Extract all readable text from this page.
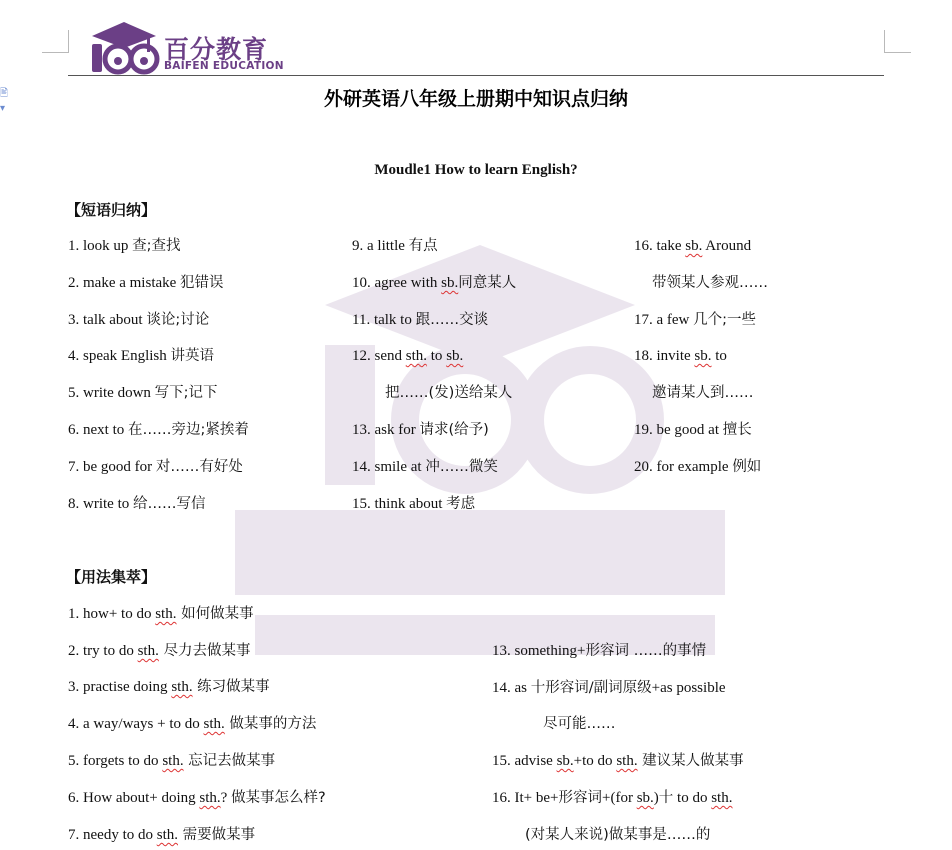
🖹 ▾
百分教育
BAIFEN EDUCATION
外研英语八年级上册期中知识点归纳
Moudle1 How to learn English?
【短语归纳】
1. look up 查;查找
2. make a mistake 犯错误
3. talk about 谈论;讨论
4. speak English 讲英语
5. write down 写下;记下
6. next to 在……旁边;紧挨着
7. be good for 对……有好处
8. write to 给……写信
9. a little 有点
10. agree with sb.同意某人
11. talk to 跟……交谈
12. send sth. to sb.
把……(发)送给某人
13. ask for 请求(给予)
14. smile at 冲……微笑
15. think about 考虑
16. take sb. Around
带领某人参观……
17. a few 几个;一些
18. invite sb. to
邀请某人到……
19. be good at 擅长
20. for example 例如
【用法集萃】
1. how+ to do sth. 如何做某事
2. try to do sth. 尽力去做某事
3. practise doing sth. 练习做某事
4. a way/ways + to do sth. 做某事的方法
5. forgets to do sth. 忘记去做某事
6. How about+ doing sth.? 做某事怎么样?
7. needy to do sth. 需要做某事
13. something+形容词 ……的事情
14. as 十形容词/副词原级+as possible
尽可能……
15. advise sb.+to do sth. 建议某人做某事
16. It+ be+形容词+(for sb.)十 to do sth.
(对某人来说)做某事是……的
